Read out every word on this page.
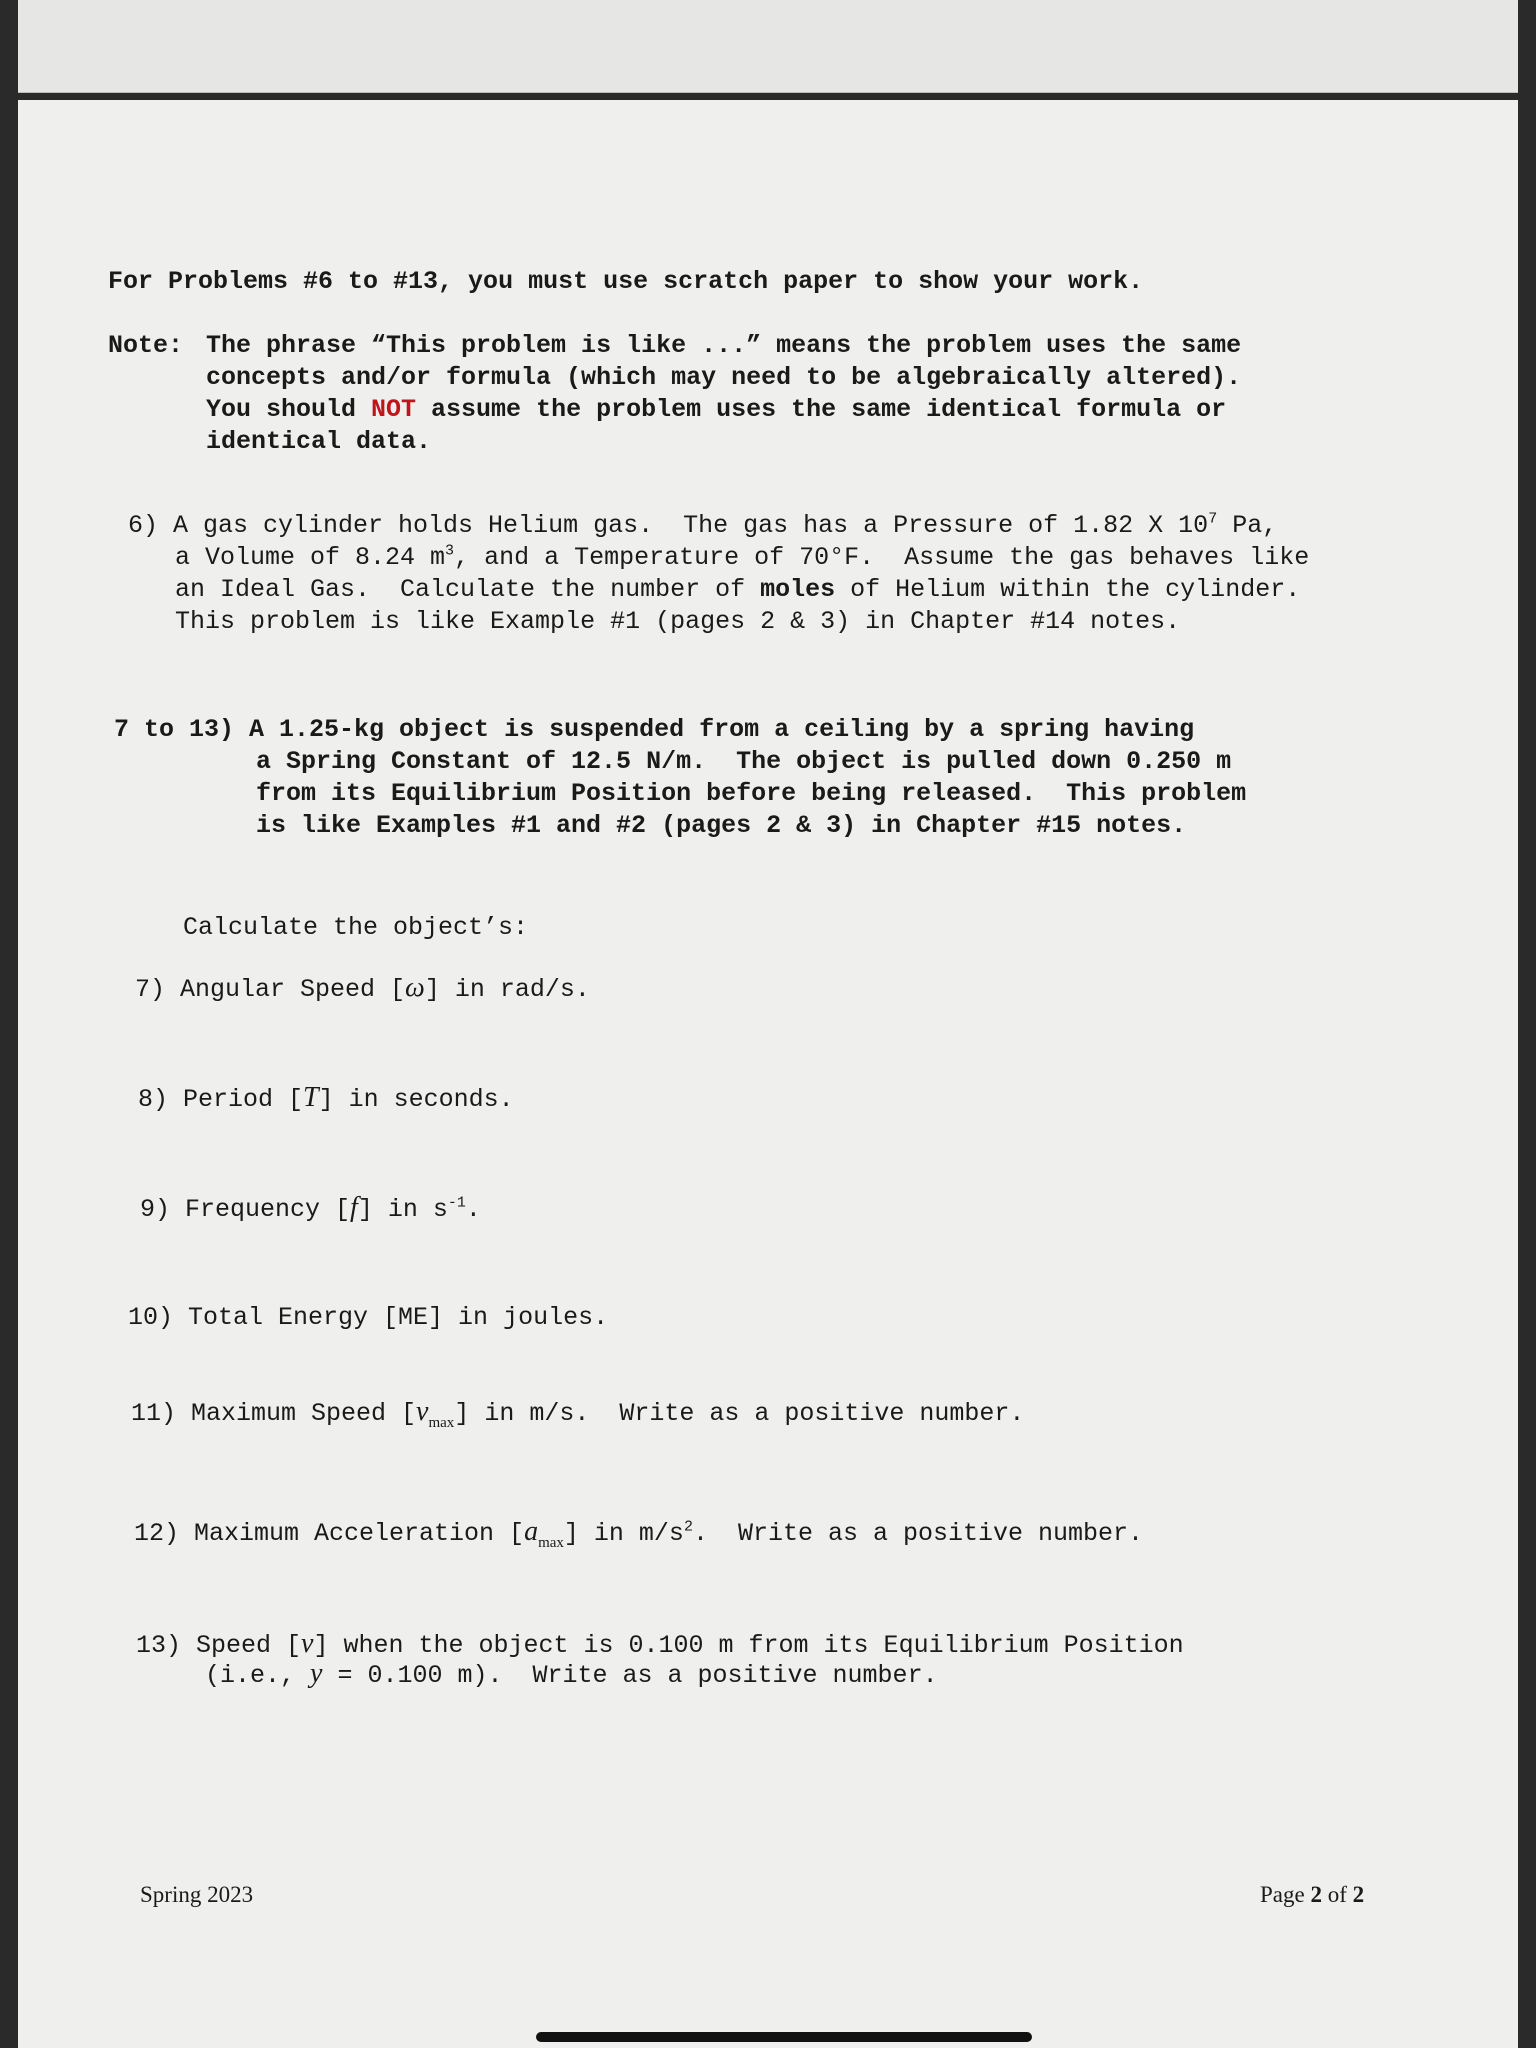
For Problems #6 to #13, you must use scratch paper to show your work.
Note: The phrase “This problem is like ...” means the problem uses the same
concepts and/or formula (which may need to be algebraically altered).
You should NOT assume the problem uses the same identical formula or
identical data.
6) A gas cylinder holds Helium gas.  The gas has a Pressure of 1.82 X $10^7$ Pa,
a Volume of 8.24 $m^3$, and a Temperature of 70°F.  Assume the gas behaves like
an Ideal Gas.  Calculate the number of moles of Helium within the cylinder.
This problem is like Example #1 (pages 2 & 3) in Chapter #14 notes.
7 to 13) A 1.25-kg object is suspended from a ceiling by a spring having
a Spring Constant of 12.5 N/m.  The object is pulled down 0.250 m
from its Equilibrium Position before being released.  This problem
is like Examples #1 and #2 (pages 2 & 3) in Chapter #15 notes.
Calculate the object’s:
7) Angular Speed [ω] in rad/s.
8) Period [T] in seconds.
9) Frequency [f] in $s^{-1}$.
10) Total Energy [ME] in joules.
11) Maximum Speed $[v_{max}]$ in m/s.  Write as a positive number.
12) Maximum Acceleration $[a_{max}]$ in $m/s^2$.  Write as a positive number.
13) Speed [v] when the object is 0.100 m from its Equilibrium Position
(i.e., y = 0.100 m).  Write as a positive number.
Spring 2023	Page 2 of 2
